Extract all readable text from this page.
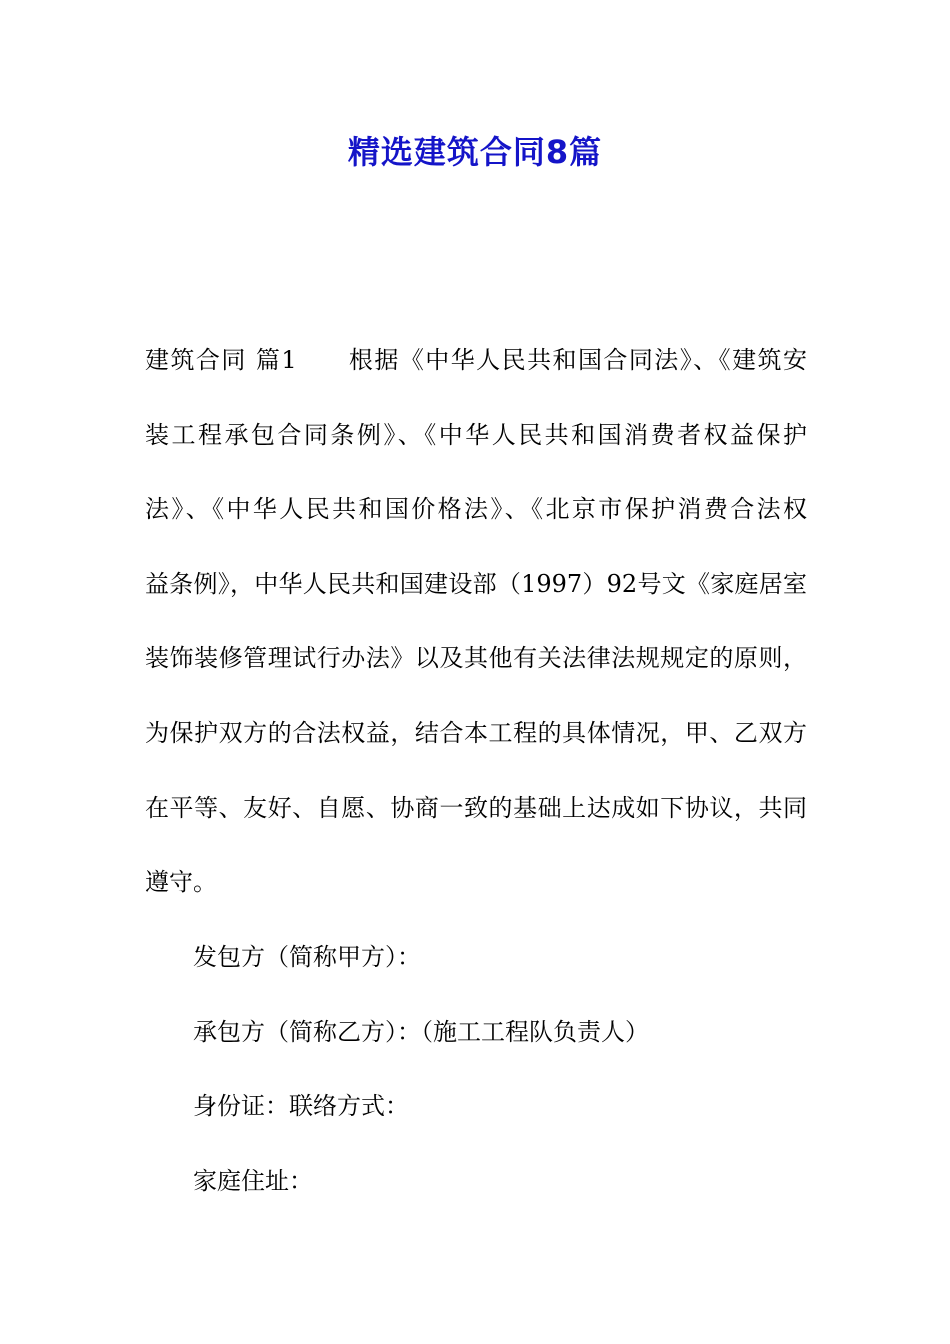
精选建筑合同8篇
建筑合同 篇1　　根据《中华人民共和国合同法》、《建筑安
装工程承包合同条例》、《中华人民共和国消费者权益保护
法》、《中华人民共和国价格法》、《北京市保护消费合法权
益条例》，中华人民共和国建设部（1997）92号文《家庭居室
装饰装修管理试行办法》以及其他有关法律法规规定的原则，
为保护双方的合法权益，结合本工程的具体情况，甲、乙双方
在平等、友好、自愿、协商一致的基础上达成如下协议，共同
遵守。
发包方（简称甲方）：
承包方（简称乙方）：（施工工程队负责人）
身份证：联络方式：
家庭住址：
